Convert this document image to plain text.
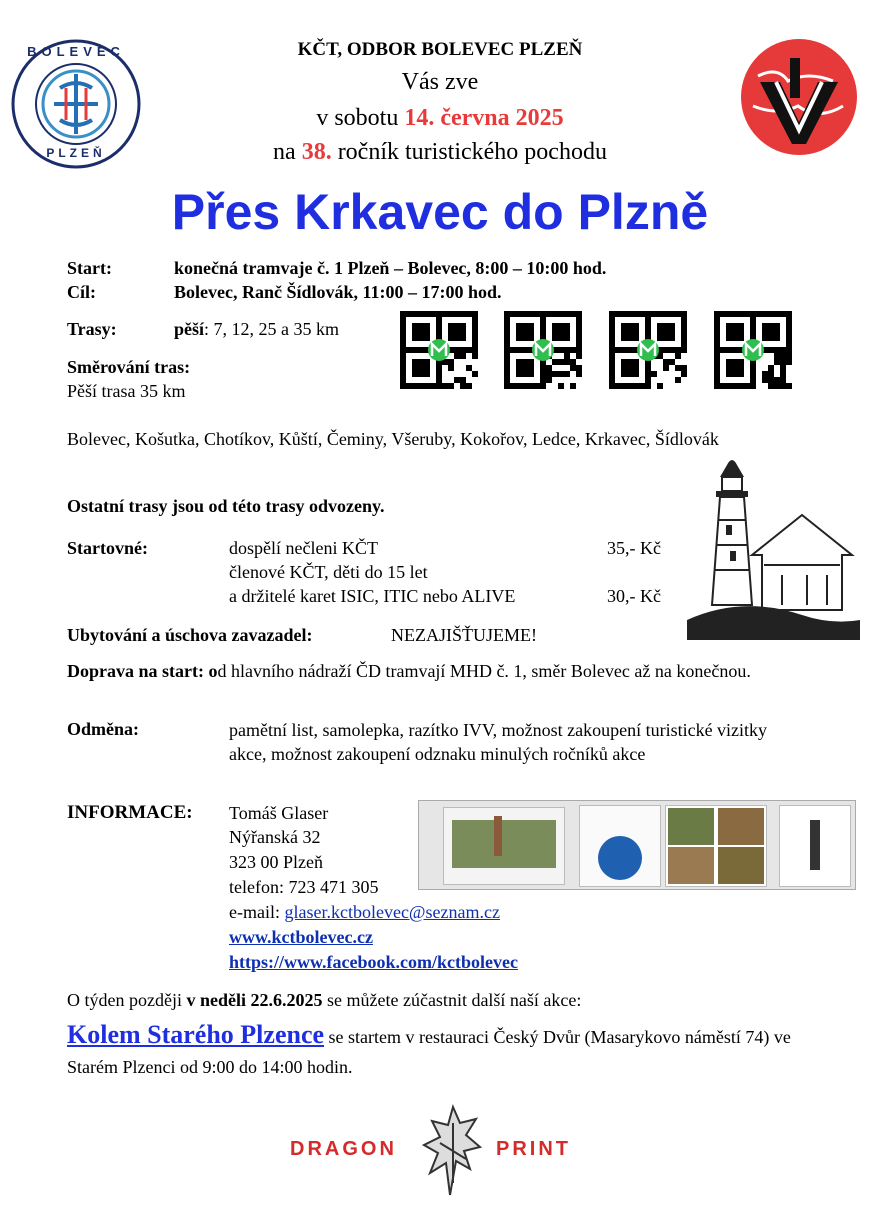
BOLEVEC
PLZEŇ
KČT, ODBOR BOLEVEC PLZEŇ
Vás zve
v sobotu 14. června 2025
na 38. ročník turistického pochodu
Přes Krkavec do Plzně
Start:	konečná tramvaje č. 1 Plzeň – Bolevec, 8:00 – 10:00 hod.
Cíl:	Bolevec, Ranč Šídlovák, 11:00 – 17:00 hod.
Trasy:	pěší: 7, 12, 25 a 35 km
Směrování tras:
Pěší trasa 35 km
Bolevec, Košutka, Chotíkov, Kůští, Čeminy, Všeruby, Kokořov, Ledce, Krkavec, Šídlovák
Ostatní trasy jsou od této trasy odvozeny.
Startovné:	dospělí nečleni KČT	35,- Kč
členové KČT, děti do 15 let
a držitelé karet ISIC, ITIC nebo ALIVE	30,- Kč
Ubytování a úschova zavazadel:	NEZAJIŠŤUJEME!
Doprava na start: od hlavního nádraží ČD tramvají MHD č. 1, směr Bolevec až na konečnou.
Odměna:	pamětní list, samolepka, razítko IVV, možnost zakoupení turistické vizitky akce, možnost zakoupení odznaku minulých ročníků akce
INFORMACE: Tomáš Glaser
Nýřanská 32
323 00 Plzeň
telefon: 723 471 305
e-mail: glaser.kctbolevec@seznam.cz
www.kctbolevec.cz
https://www.facebook.com/kctbolevec
O týden později v neděli 22.6.2025 se můžete zúčastnit další naší akce:
Kolem Starého Plzence se startem v restauraci Český Dvůr (Masarykovo náměstí 74) ve Starém Plzenci od 9:00 do 14:00 hodin.
DRAGON	PRINT
